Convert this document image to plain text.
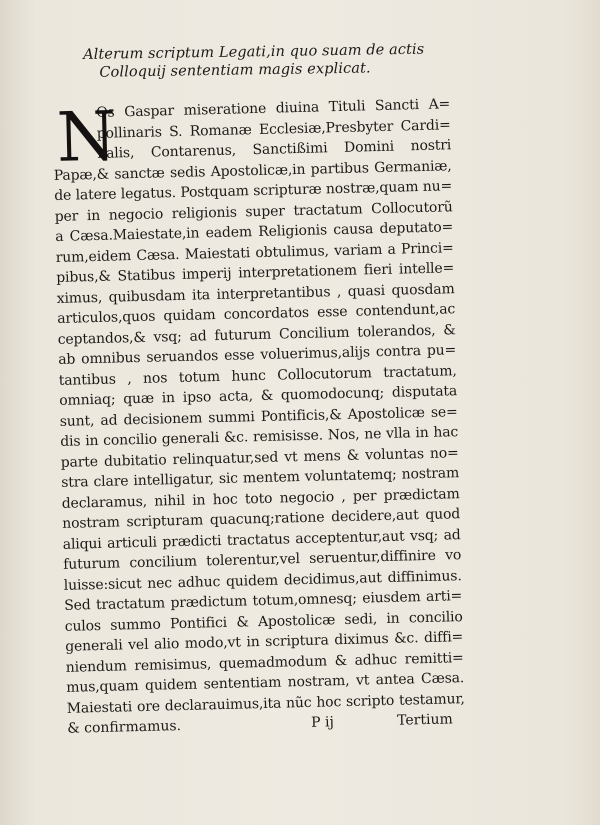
Alterum scriptum Legati,in quo suam de actis
Colloquij sententiam magis explicat.
N
Os Gaspar miseratione diuina Tituli Sancti A=
pollinaris S. Romanæ Ecclesiæ,Presbyter Cardi=
nalis, Contarenus, Sanctißimi Domini nostri
Papæ,& sanctæ sedis Apostolicæ,in partibus Germaniæ,
de latere legatus. Postquam scripturæ nostræ,quam nu=
per in negocio religionis super tractatum Collocutorũ
a Cæsa.Maiestate,in eadem Religionis causa deputato=
rum,eidem Cæsa. Maiestati obtulimus, variam a Princi=
pibus,& Statibus imperij interpretationem fieri intelle=
ximus, quibusdam ita interpretantibus , quasi quosdam
articulos,quos quidam concordatos esse contendunt,ac
ceptandos,& vsq; ad futurum Concilium tolerandos, &
ab omnibus seruandos esse voluerimus,alijs contra pu=
tantibus , nos totum hunc Collocutorum tractatum,
omniaq; quæ in ipso acta, & quomodocunq; disputata
sunt, ad decisionem summi Pontificis,& Apostolicæ se=
dis in concilio generali &c. remisisse. Nos, ne vlla in hac
parte dubitatio relinquatur,sed vt mens & voluntas no=
stra clare intelligatur, sic mentem voluntatemq; nostram
declaramus, nihil in hoc toto negocio , per prædictam
nostram scripturam quacunq;ratione decidere,aut quod
aliqui articuli prædicti tractatus acceptentur,aut vsq; ad
futurum concilium tolerentur,vel seruentur,diffinire vo
luisse:sicut nec adhuc quidem decidimus,aut diffinimus.
Sed tractatum prædictum totum,omnesq; eiusdem arti=
culos summo Pontifici & Apostolicæ sedi, in concilio
generali vel alio modo,vt in scriptura diximus &c. diffi=
niendum remisimus, quemadmodum & adhuc remitti=
mus,quam quidem sententiam nostram, vt antea Cæsa.
Maiestati ore declarauimus,ita nũc hoc scripto testamur,
& confirmamus.	P ij	Tertium
